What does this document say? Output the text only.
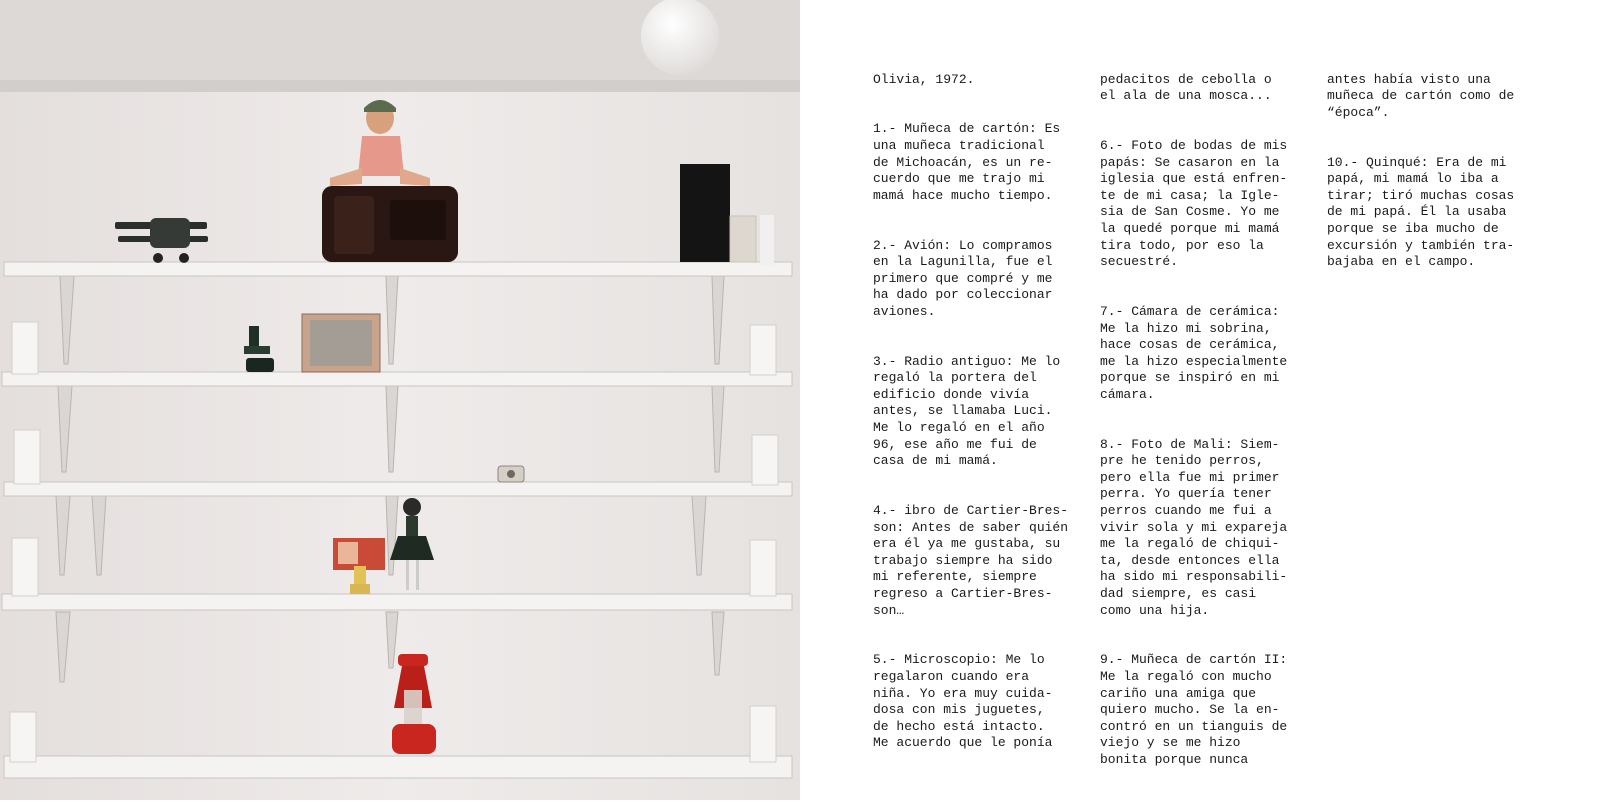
Olivia, 1972.

1.- Muñeca de cartón: Es
una muñeca tradicional
de Michoacán, es un re-
cuerdo que me trajo mi
mamá hace mucho tiempo.

2.- Avión: Lo compramos
en la Lagunilla, fue el
primero que compré y me
ha dado por coleccionar
aviones.

3.- Radio antiguo: Me lo
regaló la portera del
edificio donde vivía
antes, se llamaba Luci.
Me lo regaló en el año
96, ese año me fui de
casa de mi mamá.

4.- ibro de Cartier-Bres-
son: Antes de saber quién
era él ya me gustaba, su
trabajo siempre ha sido
mi referente, siempre
regreso a Cartier-Bres-
son…

5.- Microscopio: Me lo
regalaron cuando era
niña. Yo era muy cuida-
dosa con mis juguetes,
de hecho está intacto.
Me acuerdo que le ponía

pedacitos de cebolla o
el ala de una mosca...

6.- Foto de bodas de mis
papás: Se casaron en la
iglesia que está enfren-
te de mi casa; la Igle-
sia de San Cosme. Yo me
la quedé porque mi mamá
tira todo, por eso la
secuestré.

7.- Cámara de cerámica:
Me la hizo mi sobrina,
hace cosas de cerámica,
me la hizo especialmente
porque se inspiró en mi
cámara.

8.- Foto de Mali: Siem-
pre he tenido perros,
pero ella fue mi primer
perra. Yo quería tener
perros cuando me fui a
vivir sola y mi expareja
me la regaló de chiqui-
ta, desde entonces ella
ha sido mi responsabili-
dad siempre, es casi
como una hija.

9.- Muñeca de cartón II:
Me la regaló con mucho
cariño una amiga que
quiero mucho. Se la en-
contró en un tianguis de
viejo y se me hizo
bonita porque nunca

antes había visto una
muñeca de cartón como de
“época”.

10.- Quinqué: Era de mi
papá, mi mamá lo iba a
tirar; tiró muchas cosas
de mi papá. Él la usaba
porque se iba mucho de
excursión y también tra-
bajaba en el campo.
